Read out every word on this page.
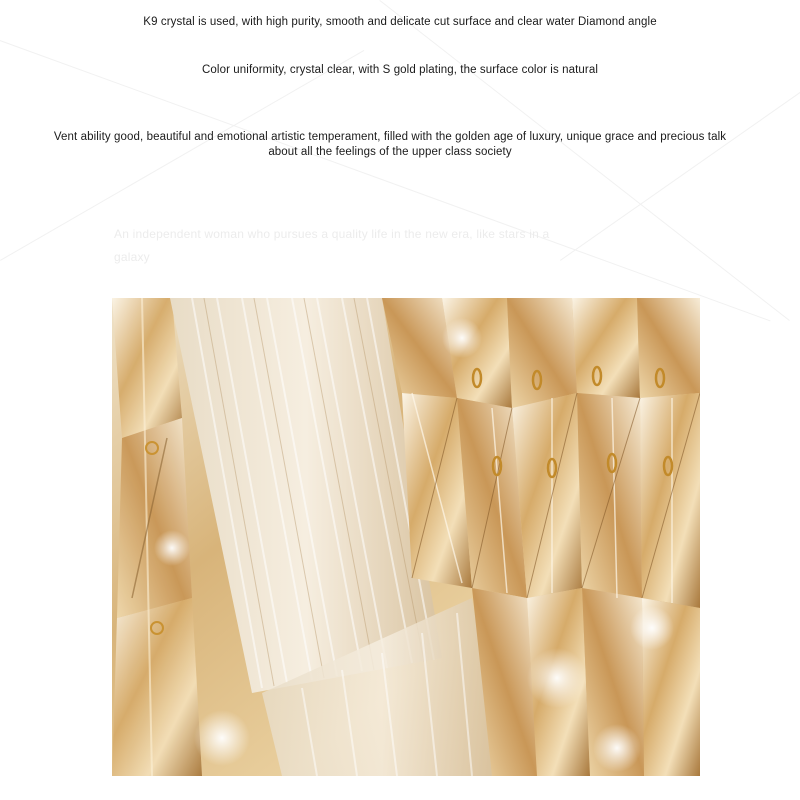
K9 crystal is used, with high purity, smooth and delicate cut surface and clear water Diamond angle
Color uniformity, crystal clear, with S gold plating, the surface color is natural
Vent ability good, beautiful and emotional artistic temperament, filled with the golden age of luxury, unique grace and precious talk about all the feelings of the upper class society
An independent woman who pursues a quality life in the new era, like stars in a galaxy
